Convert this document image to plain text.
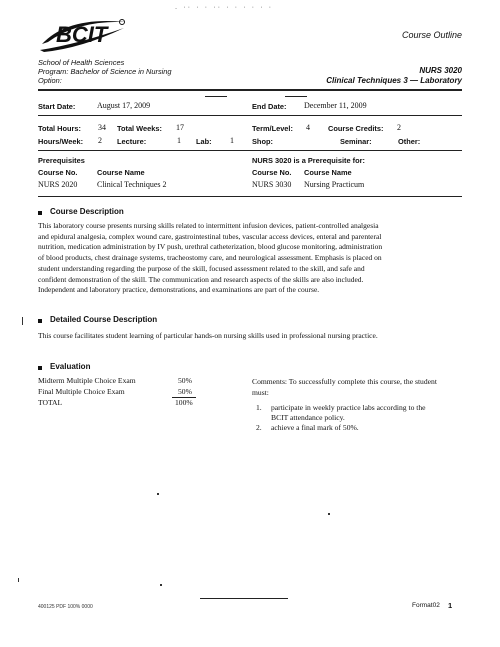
. ·· · · ·· · · · · · ·
BCIT	Course Outline
School of Health Sciences
Program: Bachelor of Science in Nursing
Option:
NURS 3020
Clinical Techniques 3 — Laboratory
Start Date:	August 17, 2009	End Date: December 11, 2009
Total Hours: 34 Total Weeks: 17	Term/Level: 4 Course Credits: 2
Hours/Week: 2 Lecture:	1 Lab: 1 Shop:	Seminar:	Other:
Prerequisites	NURS 3020 is a Prerequisite for:
Course No.	Course Name	Course No. Course Name
NURS 2020 Clinical Techniques 2	NURS 3030 Nursing Practicum
Course Description
This laboratory course presents nursing skills related to intermittent infusion devices, patient-controlled analgesia
and epidural analgesia, complex wound care, gastrointestinal tubes, vascular access devices, enteral and parenteral
nutrition, medication administration by IV push, urethral catheterization, blood glucose monitoring, administration
of blood products, chest drainage systems, tracheostomy care, and neurological assessment. Emphasis is placed on
student understanding regarding the purpose of the skill, focused assessment related to the skill, and safe and
confident demonstration of the skill. The communication and research aspects of the skills are also included.
Independent and laboratory practice, demonstrations, and examinations are part of the course.
Detailed Course Description
This course facilitates student learning of particular hands-on nursing skills used in professional nursing practice.
Evaluation
Midterm Multiple Choice Exam	50%
Final Multiple Choice Exam	50%
TOTAL	100%
Comments: To successfully complete this course, the student
must:
1. participate in weekly practice labs according to the
BCIT attendance policy.
2. achieve a final mark of 50%.
400125 PDF 100% 0000	Format02 1
